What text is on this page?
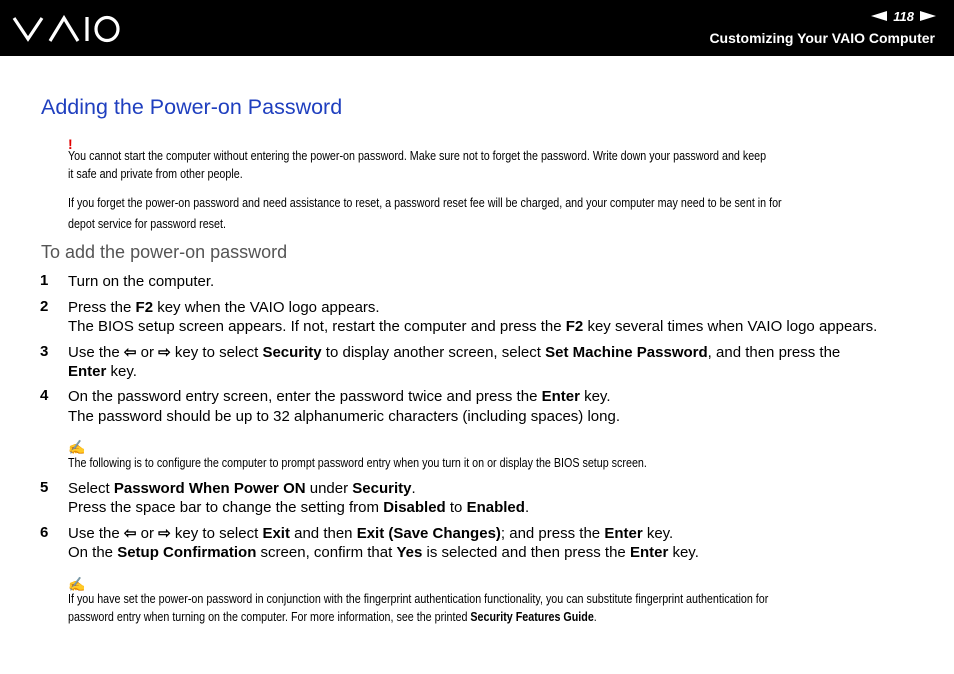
118
Customizing Your VAIO Computer
Adding the Power-on Password
!
You cannot start the computer without entering the power-on password. Make sure not to forget the password. Write down your password and keep
it safe and private from other people.
If you forget the power-on password and need assistance to reset, a password reset fee will be charged, and your computer may need to be sent in for
depot service for password reset.
To add the power-on password
1 Turn on the computer.
2 Press the F2 key when the VAIO logo appears.
The BIOS setup screen appears. If not, restart the computer and press the F2 key several times when VAIO logo appears.
3 Use the ⇦ or ⇨ key to select Security to display another screen, select Set Machine Password, and then press the
Enter key.
4 On the password entry screen, enter the password twice and press the Enter key.
The password should be up to 32 alphanumeric characters (including spaces) long.
✍
The following is to configure the computer to prompt password entry when you turn it on or display the BIOS setup screen.
5 Select Password When Power ON under Security.
Press the space bar to change the setting from Disabled to Enabled.
6 Use the ⇦ or ⇨ key to select Exit and then Exit (Save Changes); and press the Enter key.
On the Setup Confirmation screen, confirm that Yes is selected and then press the Enter key.
✍
If you have set the power-on password in conjunction with the fingerprint authentication functionality, you can substitute fingerprint authentication for
password entry when turning on the computer. For more information, see the printed Security Features Guide.
